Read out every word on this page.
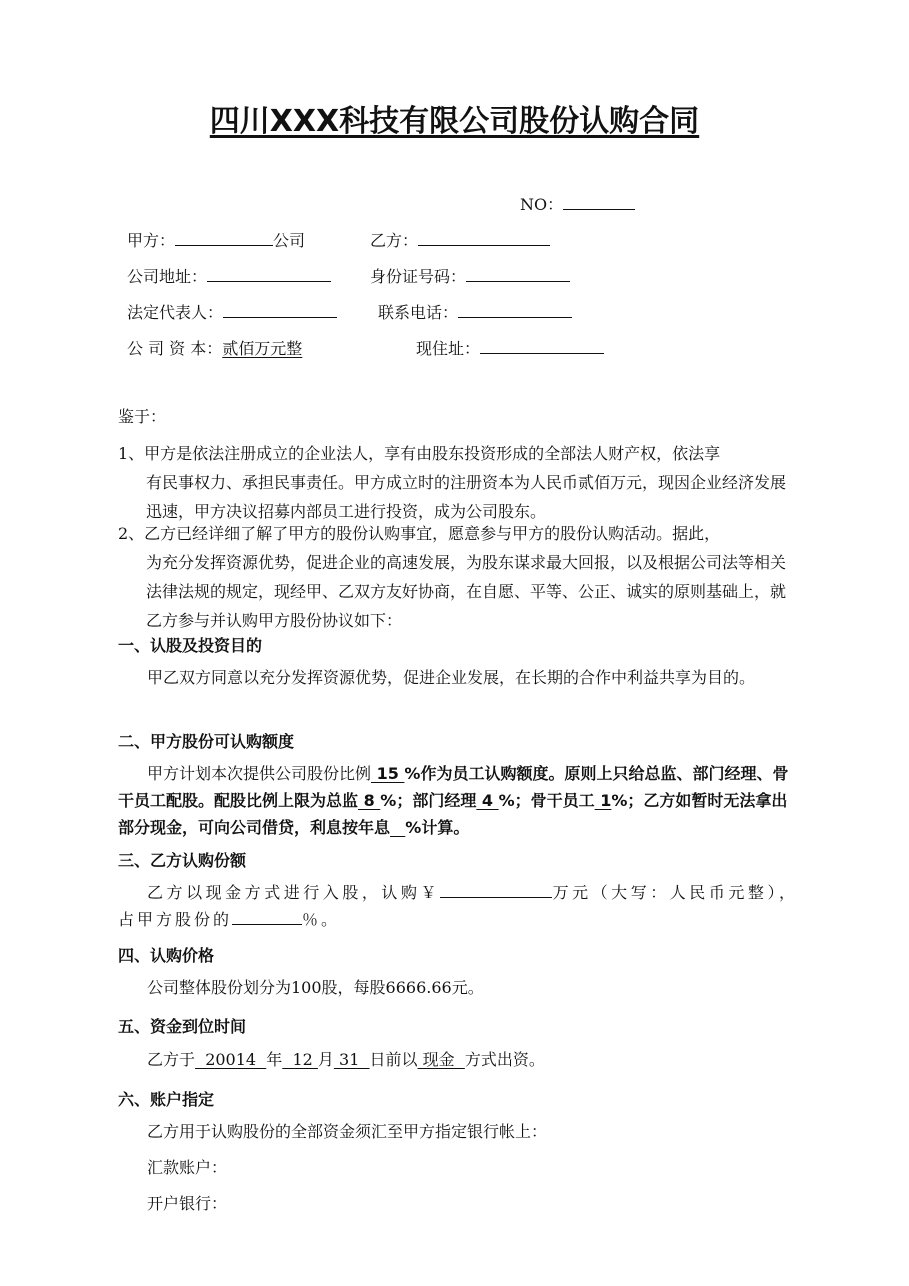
四川XXX科技有限公司股份认购合同
NO：
甲方：	公司	乙方：
公司地址：	身份证号码：
法定代表人：	联系电话：
公 司 资 本：贰佰万元整	现住址：
鉴于：
1、甲方是依法注册成立的企业法人，享有由股东投资形成的全部法人财产权，依法享
有民事权力、承担民事责任。甲方成立时的注册资本为人民币贰佰万元，现因企业经济发展迅速，甲方决议招募内部员工进行投资，成为公司股东。
2、乙方已经详细了解了甲方的股份认购事宜，愿意参与甲方的股份认购活动。据此，
为充分发挥资源优势，促进企业的高速发展，为股东谋求最大回报，以及根据公司法等相关法律法规的规定，现经甲、乙双方友好协商，在自愿、平等、公正、诚实的原则基础上，就乙方参与并认购甲方股份协议如下：
一、认股及投资目的
甲乙双方同意以充分发挥资源优势，促进企业发展，在长期的合作中利益共享为目的。
二、甲方股份可认购额度
甲方计划本次提供公司股份比例 15 %作为员工认购额度。原则上只给总监、部门经理、骨干员工配股。配股比例上限为总监 8 %；部门经理 4 %；骨干员工 1%；乙方如暂时无法拿出部分现金，可向公司借贷，利息按年息 %计算。
三、乙方认购份额
乙方以现金方式进行入股，认购￥	万元（大写：人民币元整），占甲方股份的	％。
四、认购价格
公司整体股份划分为100股，每股6666.66元。
五、资金到位时间
乙方于  20014  年  12 月 31  日前以 现金  方式出资。
六、账户指定
乙方用于认购股份的全部资金须汇至甲方指定银行帐上：
汇款账户：
开户银行：
